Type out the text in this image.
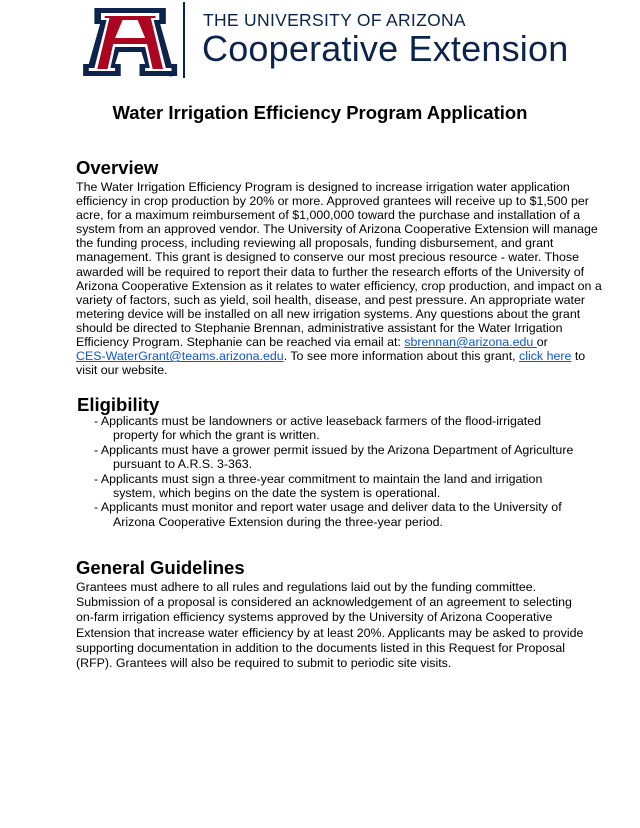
®
THE UNIVERSITY OF ARIZONA
Cooperative Extension
Water Irrigation Efficiency Program Application
Overview
The Water Irrigation Efficiency Program is designed to increase irrigation water application
efficiency in crop production by 20% or more. Approved grantees will receive up to $1,500 per
acre, for a maximum reimbursement of $1,000,000 toward the purchase and installation of a
system from an approved vendor. The University of Arizona Cooperative Extension will manage
the funding process, including reviewing all proposals, funding disbursement, and grant
management. This grant is designed to conserve our most precious resource - water. Those
awarded will be required to report their data to further the research efforts of the University of
Arizona Cooperative Extension as it relates to water efficiency, crop production, and impact on a
variety of factors, such as yield, soil health, disease, and pest pressure. An appropriate water
metering device will be installed on all new irrigation systems. Any questions about the grant
should be directed to Stephanie Brennan, administrative assistant for the Water Irrigation
Efficiency Program. Stephanie can be reached via email at: sbrennan@arizona.edu or
CES-WaterGrant@teams.arizona.edu. To see more information about this grant, click here to
visit our website.
Eligibility
- Applicants must be landowners or active leaseback farmers of the flood-irrigated
property for which the grant is written.
- Applicants must have a grower permit issued by the Arizona Department of Agriculture
pursuant to A.R.S. 3-363.
- Applicants must sign a three-year commitment to maintain the land and irrigation
system, which begins on the date the system is operational.
- Applicants must monitor and report water usage and deliver data to the University of
Arizona Cooperative Extension during the three-year period.
General Guidelines
Grantees must adhere to all rules and regulations laid out by the funding committee.
Submission of a proposal is considered an acknowledgement of an agreement to selecting
on-farm irrigation efficiency systems approved by the University of Arizona Cooperative
Extension that increase water efficiency by at least 20%. Applicants may be asked to provide
supporting documentation in addition to the documents listed in this Request for Proposal
(RFP). Grantees will also be required to submit to periodic site visits.
